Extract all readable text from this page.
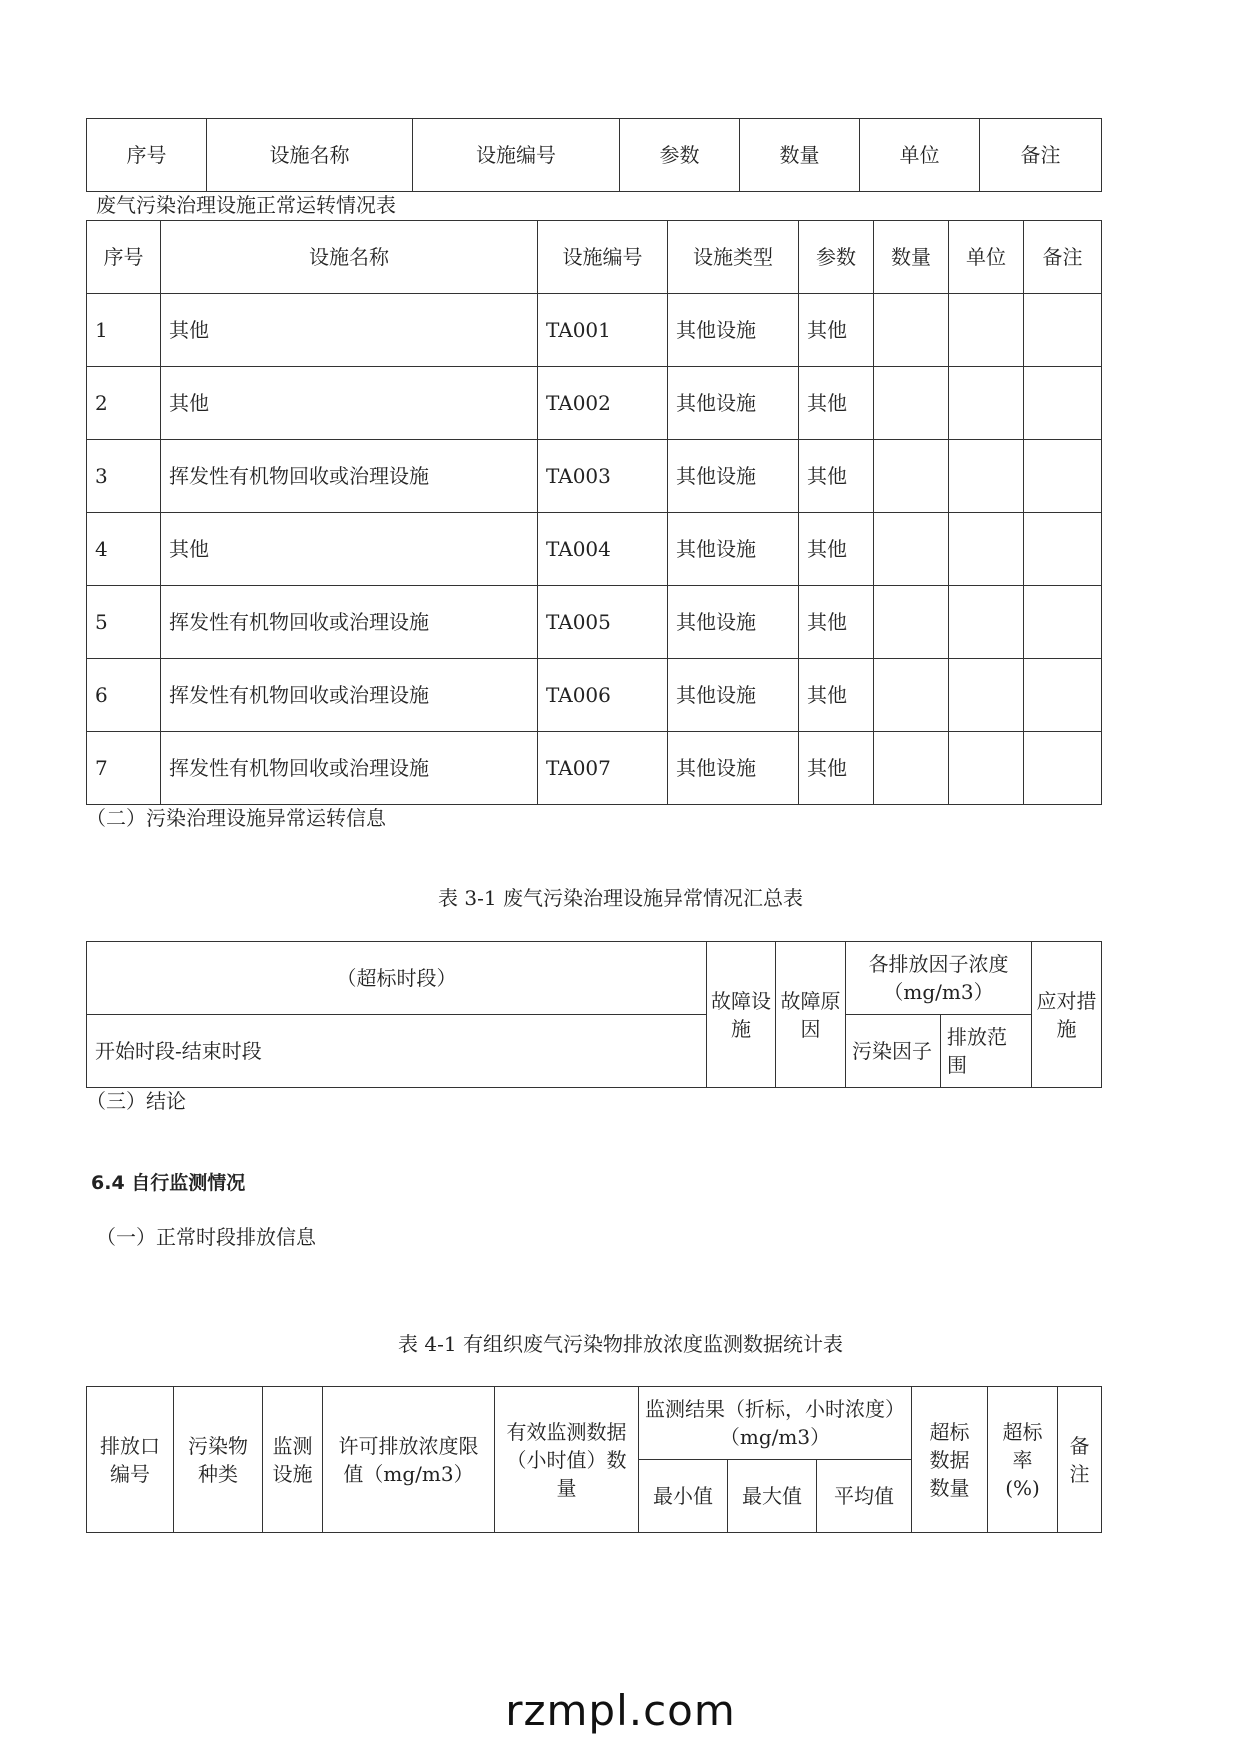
序号	设施名称	设施编号	参数	数量	单位	备注
废气污染治理设施正常运转情况表
序号	设施名称	设施编号	设施类型	参数	数量	单位	备注
1	其他	TA001	其他设施	其他			
2	其他	TA002	其他设施	其他			
3	挥发性有机物回收或治理设施	TA003	其他设施	其他			
4	其他	TA004	其他设施	其他			
5	挥发性有机物回收或治理设施	TA005	其他设施	其他			
6	挥发性有机物回收或治理设施	TA006	其他设施	其他			
7	挥发性有机物回收或治理设施	TA007	其他设施	其他			
（二）污染治理设施异常运转信息
表 3-1 废气污染治理设施异常情况汇总表
（超标时段）	故障设施	故障原因	各排放因子浓度（mg/m3）		应对措施
开始时段-结束时段			污染因子	排放范围	
（三）结论
6.4 自行监测情况
（一）正常时段排放信息
表 4-1 有组织废气污染物排放浓度监测数据统计表
排放口编号	污染物种类	监测设施	许可排放浓度限值（mg/m3）	有效监测数据（小时值）数量	监测结果（折标，小时浓度）（mg/m3）			超标数据数量	超标率(%)	备注
					最小值	最大值	平均值			
rzmpl.com
